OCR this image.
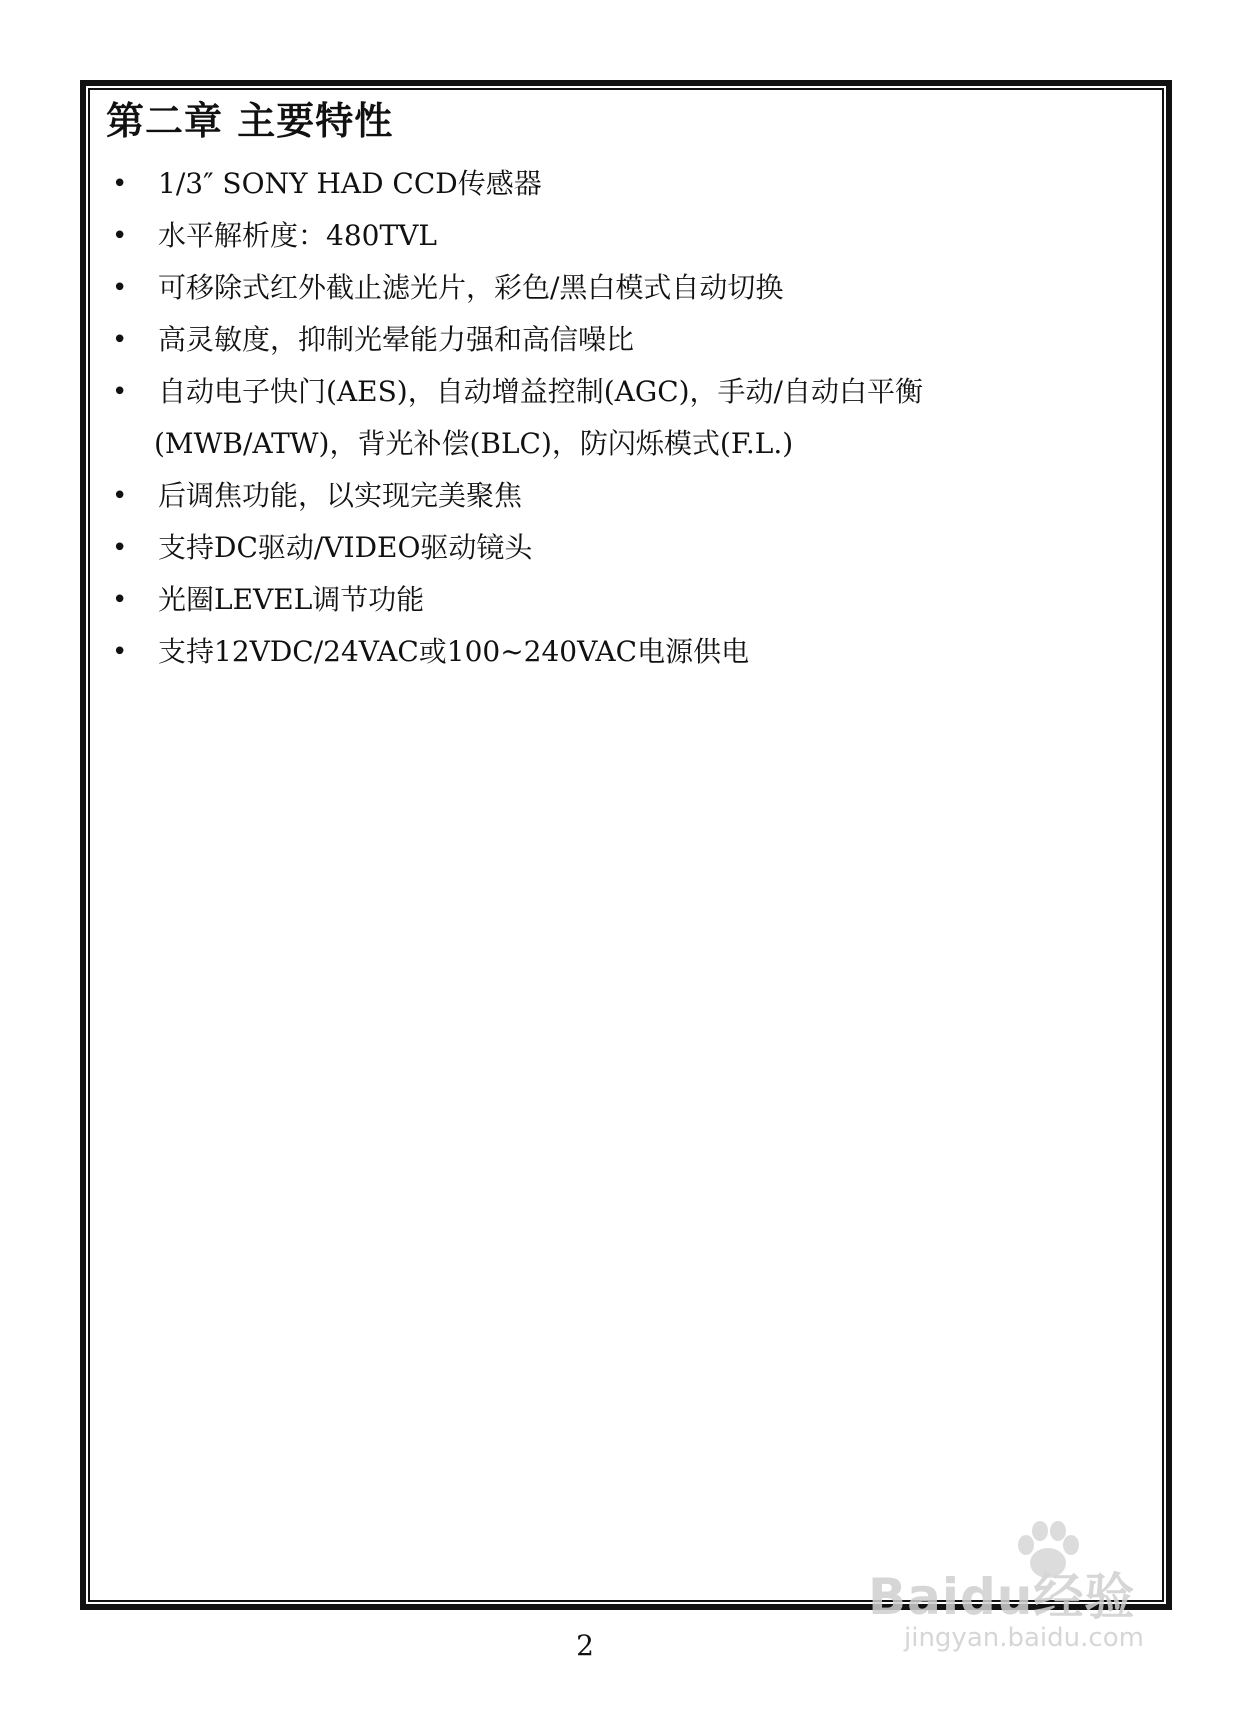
第二章 主要特性
• 1/3″ SONY HAD CCD传感器
• 水平解析度：480TVL
• 可移除式红外截止滤光片，彩色/黑白模式自动切换
• 高灵敏度，抑制光晕能力强和高信噪比
• 自动电子快门(AES)，自动增益控制(AGC)，手动/自动白平衡
(MWB/ATW)，背光补偿(BLC)，防闪烁模式(F.L.)
• 后调焦功能，以实现完美聚焦
• 支持DC驱动/VIDEO驱动镜头
• 光圈LEVEL调节功能
• 支持12VDC/24VAC或100~240VAC电源供电
2
Baidu经验
jingyan.baidu.com
